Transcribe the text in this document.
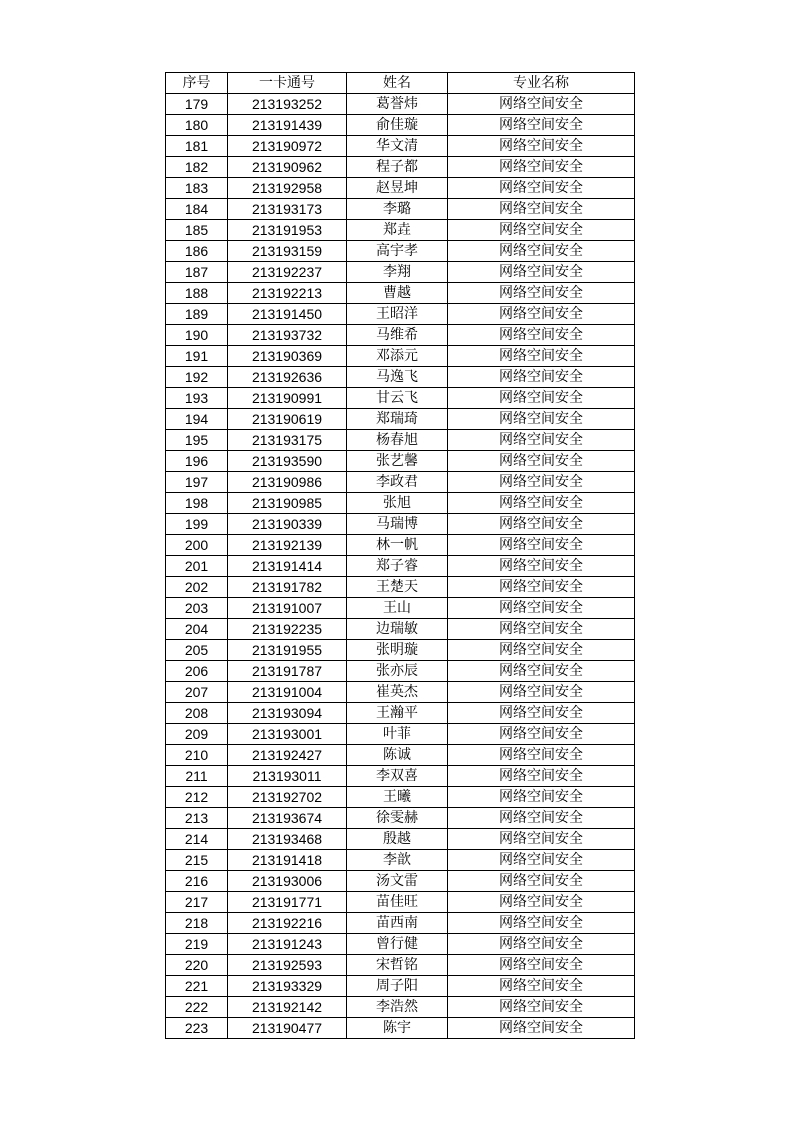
序号	一卡通号	姓名	专业名称
179	213193252	葛誉炜	网络空间安全
180	213191439	俞佳璇	网络空间安全
181	213190972	华文清	网络空间安全
182	213190962	程子都	网络空间安全
183	213192958	赵昱坤	网络空间安全
184	213193173	李璐	网络空间安全
185	213191953	郑垚	网络空间安全
186	213193159	高宇孝	网络空间安全
187	213192237	李翔	网络空间安全
188	213192213	曹越	网络空间安全
189	213191450	王昭洋	网络空间安全
190	213193732	马维希	网络空间安全
191	213190369	邓添元	网络空间安全
192	213192636	马逸飞	网络空间安全
193	213190991	甘云飞	网络空间安全
194	213190619	郑瑞琦	网络空间安全
195	213193175	杨春旭	网络空间安全
196	213193590	张艺馨	网络空间安全
197	213190986	李政君	网络空间安全
198	213190985	张旭	网络空间安全
199	213190339	马瑞博	网络空间安全
200	213192139	林一帆	网络空间安全
201	213191414	郑子睿	网络空间安全
202	213191782	王楚天	网络空间安全
203	213191007	王山	网络空间安全
204	213192235	边瑞敏	网络空间安全
205	213191955	张明璇	网络空间安全
206	213191787	张亦辰	网络空间安全
207	213191004	崔英杰	网络空间安全
208	213193094	王瀚平	网络空间安全
209	213193001	叶菲	网络空间安全
210	213192427	陈诚	网络空间安全
211	213193011	李双喜	网络空间安全
212	213192702	王曦	网络空间安全
213	213193674	徐雯赫	网络空间安全
214	213193468	殷越	网络空间安全
215	213191418	李歆	网络空间安全
216	213193006	汤文雷	网络空间安全
217	213191771	苗佳旺	网络空间安全
218	213192216	苗西南	网络空间安全
219	213191243	曾行健	网络空间安全
220	213192593	宋哲铭	网络空间安全
221	213193329	周子阳	网络空间安全
222	213192142	李浩然	网络空间安全
223	213190477	陈宇	网络空间安全
